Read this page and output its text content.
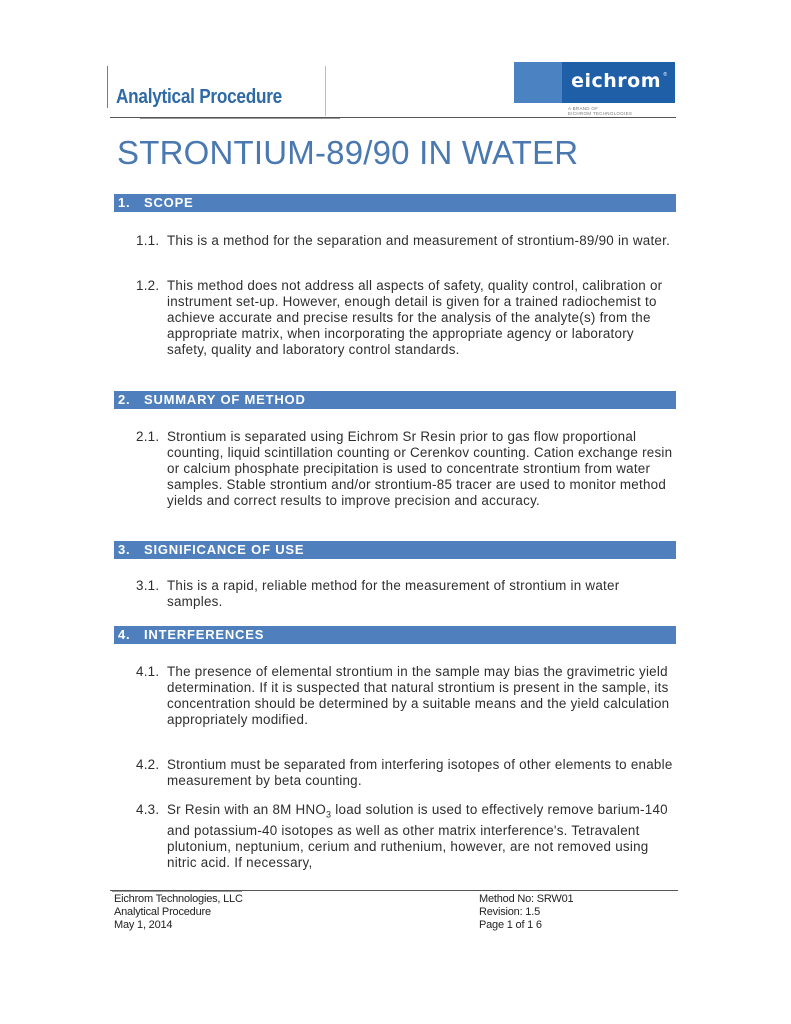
Analytical Procedure
eichrom ®
A BRAND OF
EICHROM TECHNOLOGIES
STRONTIUM-89/90 IN WATER
1. SCOPE
1.1. This is a method for the separation and measurement of strontium-89/90 in water.
1.2. This method does not address all aspects of safety, quality control, calibration or instrument set-up. However, enough detail is given for a trained radiochemist to achieve accurate and precise results for the analysis of the analyte(s) from the appropriate matrix, when incorporating the appropriate agency or laboratory safety, quality and laboratory control standards.
2. SUMMARY OF METHOD
2.1. Strontium is separated using Eichrom Sr Resin prior to gas flow proportional counting, liquid scintillation counting or Cerenkov counting. Cation exchange resin or calcium phosphate precipitation is used to concentrate strontium from water samples. Stable strontium and/or strontium-85 tracer are used to monitor method yields and correct results to improve precision and accuracy.
3. SIGNIFICANCE OF USE
3.1. This is a rapid, reliable method for the measurement of strontium in water samples.
4. INTERFERENCES
4.1. The presence of elemental strontium in the sample may bias the gravimetric yield determination. If it is suspected that natural strontium is present in the sample, its concentration should be determined by a suitable means and the yield calculation appropriately modified.
4.2. Strontium must be separated from interfering isotopes of other elements to enable measurement by beta counting.
4.3. Sr Resin with an 8M $HNO_3$ load solution is used to effectively remove barium-140 and potassium-40 isotopes as well as other matrix interference's. Tetravalent plutonium, neptunium, cerium and ruthenium, however, are not removed using nitric acid. If necessary,
Eichrom Technologies, LLC
Analytical Procedure
May 1, 2014
Method No: SRW01
Revision: 1.5
Page 1 of 1 6
